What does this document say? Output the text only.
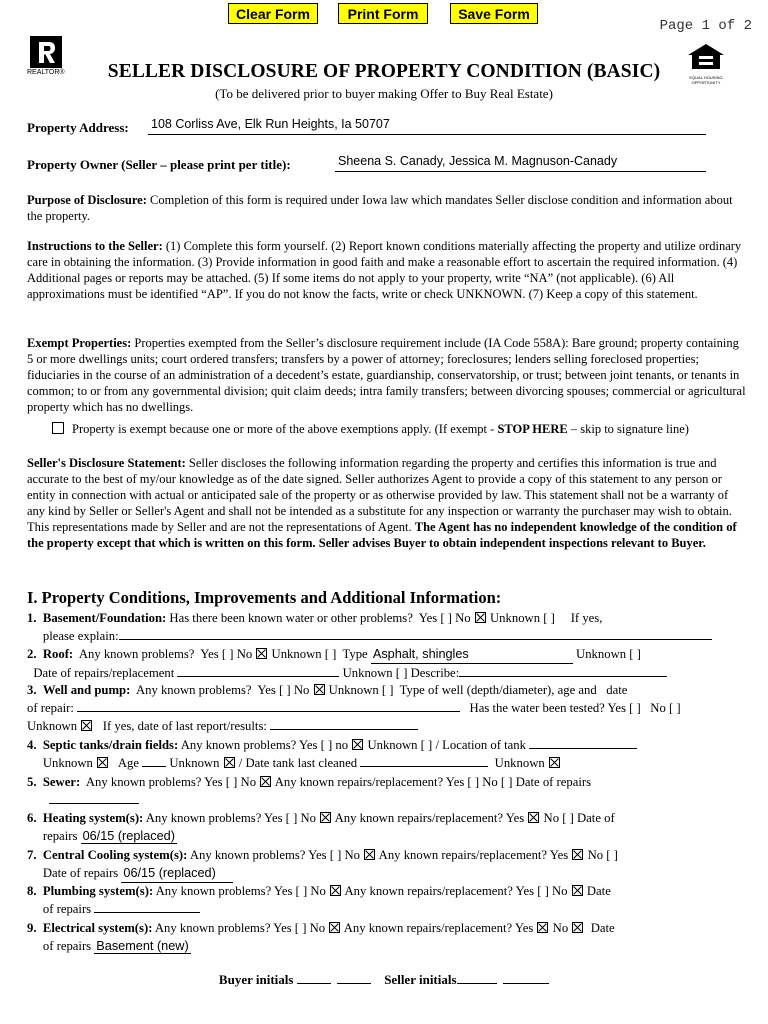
Clear Form	Print Form	Save Form
Page 1 of 2
REALTOR®
EQUAL HOUSING OPPORTUNITY
SELLER DISCLOSURE OF PROPERTY CONDITION (BASIC)
(To be delivered prior to buyer making Offer to Buy Real Estate)
Property Address: 108 Corliss Ave, Elk Run Heights, Ia 50707
Property Owner (Seller – please print per title):	Sheena S. Canady, Jessica M. Magnuson-Canady
Purpose of Disclosure: Completion of this form is required under Iowa law which mandates Seller disclose condition and information about the property.
Instructions to the Seller: (1) Complete this form yourself. (2) Report known conditions materially affecting the property and utilize ordinary care in obtaining the information. (3) Provide information in good faith and make a reasonable effort to ascertain the required information. (4) Additional pages or reports may be attached. (5) If some items do not apply to your property, write “NA” (not applicable). (6) All approximations must be identified “AP”. If you do not know the facts, write or check UNKNOWN. (7) Keep a copy of this statement.
Exempt Properties: Properties exempted from the Seller’s disclosure requirement include (IA Code 558A): Bare ground; property containing 5 or more dwellings units; court ordered transfers; transfers by a power of attorney; foreclosures; lenders selling foreclosed properties; fiduciaries in the course of an administration of a decedent’s estate, guardianship, conservatorship, or trust; between joint tenants, or tenants in common; to or from any governmental division; quit claim deeds; intra family transfers; between divorcing spouses; commercial or agricultural property which has no dwellings.
Property is exempt because one or more of the above exemptions apply. (If exempt - STOP HERE – skip to signature line)
Seller's Disclosure Statement: Seller discloses the following information regarding the property and certifies this information is true and accurate to the best of my/our knowledge as of the date signed. Seller authorizes Agent to provide a copy of this statement to any person or entity in connection with actual or anticipated sale of the property or as otherwise provided by law. This statement shall not be a warranty of any kind by Seller or Seller's Agent and shall not be intended as a substitute for any inspection or warranty the purchaser may wish to obtain. This representations made by Seller and are not the representations of Agent. The Agent has no independent knowledge of the condition of the property except that which is written on this form. Seller advises Buyer to obtain independent inspections relevant to Buyer.
I. Property Conditions, Improvements and Additional Information:
1. Basement/Foundation: Has there been known water or other problems?  Yes [ ] No  Unknown [ ]     If yes,
please explain:
2. Roof:  Any known problems?  Yes [ ] No  Unknown [ ]  Type Asphalt, shingles	Unknown [ ]
Date of repairs/replacement	Unknown [ ] Describe:
3. Well and pump:  Any known problems?  Yes [ ] No  Unknown [ ]  Type of well (depth/diameter), age and   date
of repair:	Has the water been tested? Yes [ ]   No [ ]
Unknown    If yes, date of last report/results:
4. Septic tanks/drain fields: Any known problems? Yes [ ] no  Unknown [ ] / Location of tank
Unknown    Age  Unknown  / Date tank last cleaned	Unknown
5. Sewer:  Any known problems? Yes [ ] No  Any known repairs/replacement? Yes [ ] No [ ] Date of repairs

6. Heating system(s): Any known problems? Yes [ ] No  Any known repairs/replacement? Yes  No [ ] Date of
repairs 06/15 (replaced)
7. Central Cooling system(s): Any known problems? Yes [ ] No  Any known repairs/replacement? Yes  No [ ]
Date of repairs 06/15 (replaced)
8. Plumbing system(s): Any known problems? Yes [ ] No  Any known repairs/replacement? Yes [ ] No  Date
of repairs
9. Electrical system(s): Any known problems? Yes [ ] No  Any known repairs/replacement? Yes  No   Date
of repairs Basement (new)
Buyer initials	Seller initials
